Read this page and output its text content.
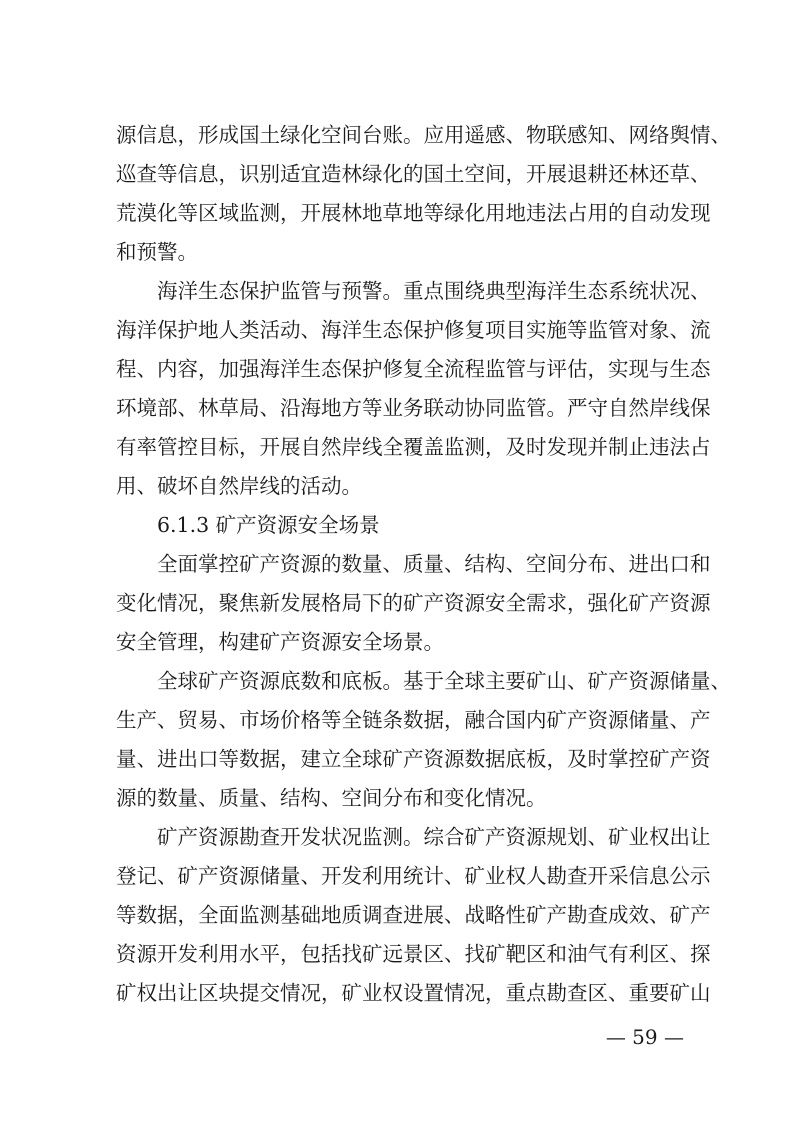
源信息，形成国土绿化空间台账。应用遥感、物联感知、网络舆情、
巡查等信息，识别适宜造林绿化的国土空间，开展退耕还林还草、
荒漠化等区域监测，开展林地草地等绿化用地违法占用的自动发现
和预警。
海洋生态保护监管与预警。重点围绕典型海洋生态系统状况、
海洋保护地人类活动、海洋生态保护修复项目实施等监管对象、流
程、内容，加强海洋生态保护修复全流程监管与评估，实现与生态
环境部、林草局、沿海地方等业务联动协同监管。严守自然岸线保
有率管控目标，开展自然岸线全覆盖监测，及时发现并制止违法占
用、破坏自然岸线的活动。
6.1.3 矿产资源安全场景
全面掌控矿产资源的数量、质量、结构、空间分布、进出口和
变化情况，聚焦新发展格局下的矿产资源安全需求，强化矿产资源
安全管理，构建矿产资源安全场景。
全球矿产资源底数和底板。基于全球主要矿山、矿产资源储量、
生产、贸易、市场价格等全链条数据，融合国内矿产资源储量、产
量、进出口等数据，建立全球矿产资源数据底板，及时掌控矿产资
源的数量、质量、结构、空间分布和变化情况。
矿产资源勘查开发状况监测。综合矿产资源规划、矿业权出让
登记、矿产资源储量、开发利用统计、矿业权人勘查开采信息公示
等数据，全面监测基础地质调查进展、战略性矿产勘查成效、矿产
资源开发利用水平，包括找矿远景区、找矿靶区和油气有利区、探
矿权出让区块提交情况，矿业权设置情况，重点勘查区、重要矿山
— 59 —
